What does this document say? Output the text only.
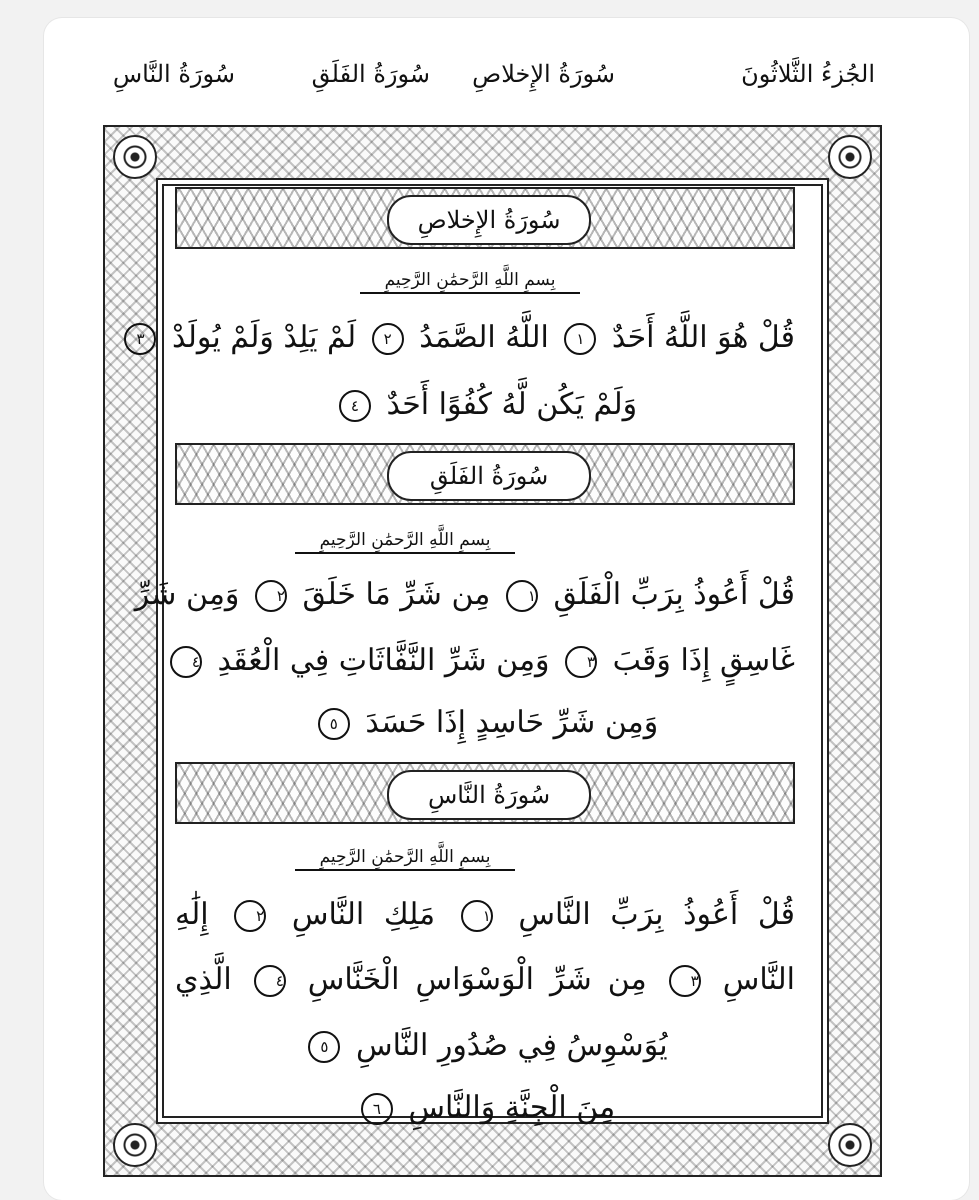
الجُزءُ الثَّلاثُونَ
سُورَةُ الإِخلاصِ
سُورَةُ الفَلَقِ
سُورَةُ النَّاسِ
سُورَةُ الإِخلاصِ
بِسمِ اللَّهِ الرَّحمَٰنِ الرَّحِيمِ
قُلْ هُوَ اللَّهُ أَحَدٌ ١ اللَّهُ الصَّمَدُ ٢ لَمْ يَلِدْ وَلَمْ يُولَدْ ٣
وَلَمْ يَكُن لَّهُ كُفُوًا أَحَدٌ ٤
سُورَةُ الفَلَقِ
بِسمِ اللَّهِ الرَّحمَٰنِ الرَّحِيمِ
قُلْ أَعُوذُ بِرَبِّ الْفَلَقِ ١ مِن شَرِّ مَا خَلَقَ ٢ وَمِن شَرِّ
غَاسِقٍ إِذَا وَقَبَ ٣ وَمِن شَرِّ النَّفَّاثَاتِ فِي الْعُقَدِ ٤
وَمِن شَرِّ حَاسِدٍ إِذَا حَسَدَ ٥
سُورَةُ النَّاسِ
بِسمِ اللَّهِ الرَّحمَٰنِ الرَّحِيمِ
قُلْ أَعُوذُ بِرَبِّ النَّاسِ ١ مَلِكِ النَّاسِ ٢ إِلَٰهِ
النَّاسِ ٣ مِن شَرِّ الْوَسْوَاسِ الْخَنَّاسِ ٤ الَّذِي
يُوَسْوِسُ فِي صُدُورِ النَّاسِ ٥
مِنَ الْجِنَّةِ وَالنَّاسِ ٦
